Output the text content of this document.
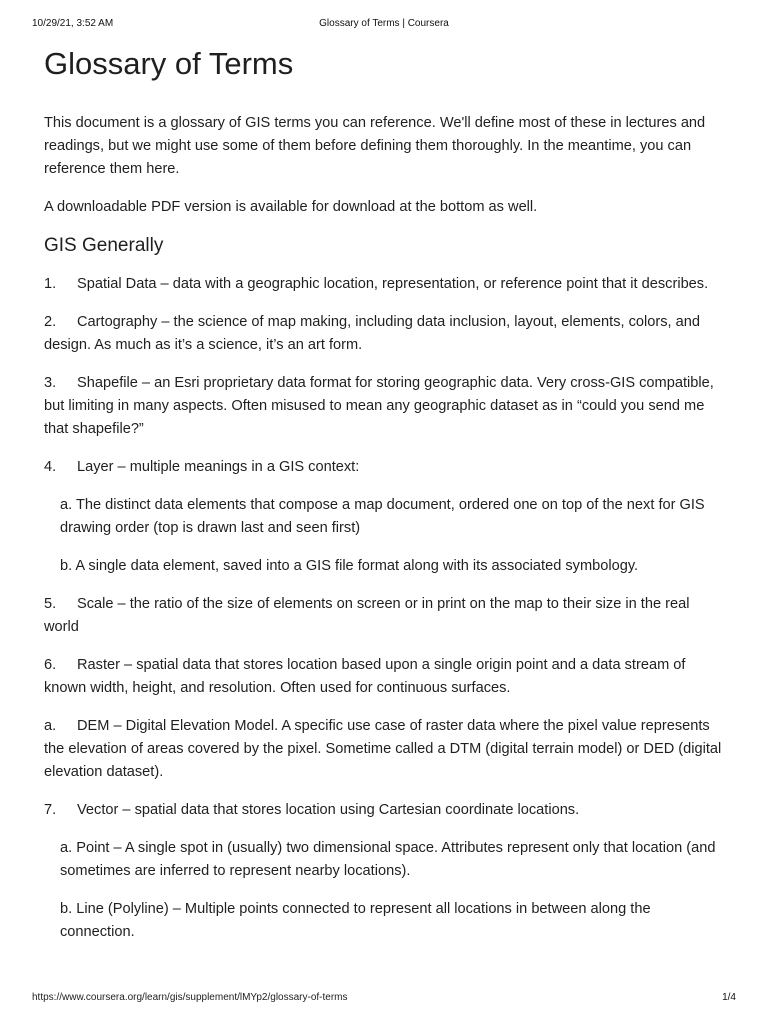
10/29/21, 3:52 AM	Glossary of Terms | Coursera
Glossary of Terms

This document is a glossary of GIS terms you can reference. We'll define most of these in lectures and readings, but we might use some of them before defining them thoroughly. In the meantime, you can reference them here.

A downloadable PDF version is available for download at the bottom as well.

GIS Generally

1. Spatial Data – data with a geographic location, representation, or reference point that it describes.

2. Cartography – the science of map making, including data inclusion, layout, elements, colors, and design. As much as it’s a science, it’s an art form.

3. Shapefile – an Esri proprietary data format for storing geographic data. Very cross-GIS compatible, but limiting in many aspects. Often misused to mean any geographic dataset as in “could you send me that shapefile?”

4. Layer – multiple meanings in a GIS context:

a. The distinct data elements that compose a map document, ordered one on top of the next for GIS drawing order (top is drawn last and seen first)

b. A single data element, saved into a GIS file format along with its associated symbology.

5. Scale – the ratio of the size of elements on screen or in print on the map to their size in the real world

6. Raster – spatial data that stores location based upon a single origin point and a data stream of known width, height, and resolution. Often used for continuous surfaces.

a. DEM – Digital Elevation Model. A specific use case of raster data where the pixel value represents the elevation of areas covered by the pixel. Sometime called a DTM (digital terrain model) or DED (digital elevation dataset).

7. Vector – spatial data that stores location using Cartesian coordinate locations.

a. Point – A single spot in (usually) two dimensional space. Attributes represent only that location (and sometimes are inferred to represent nearby locations).

b. Line (Polyline) – Multiple points connected to represent all locations in between along the connection.

https://www.coursera.org/learn/gis/supplement/lMYp2/glossary-of-terms	1/4
